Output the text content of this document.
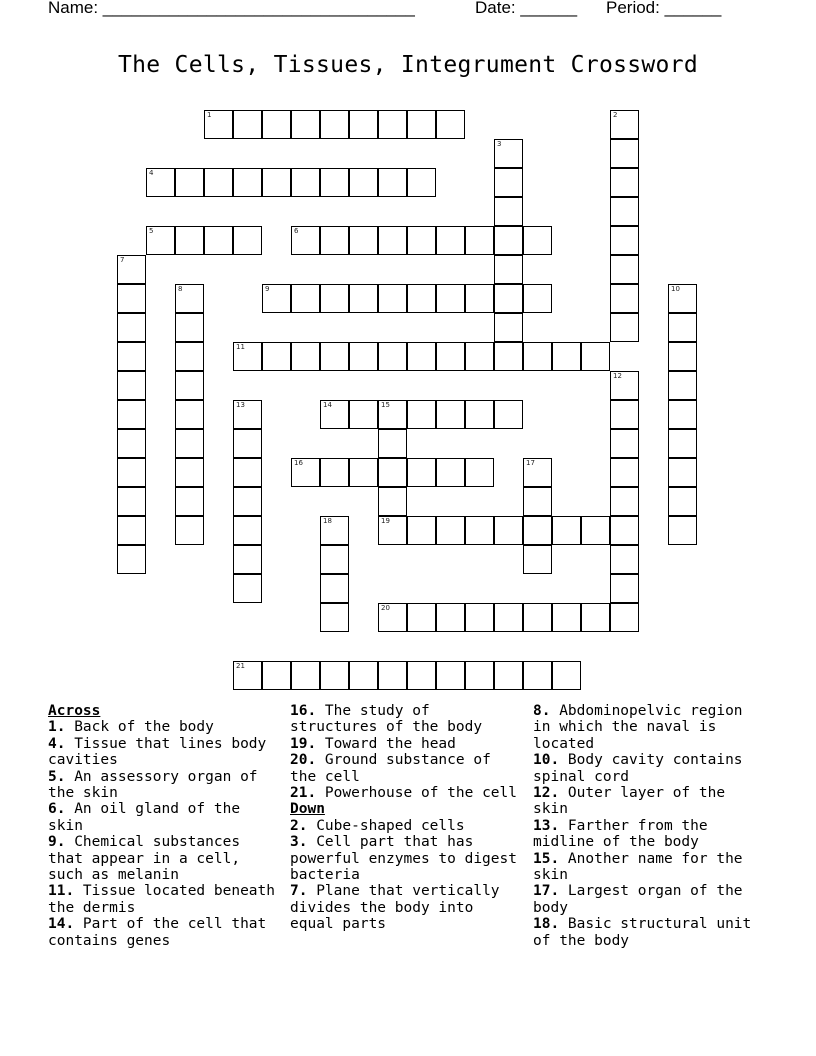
Name: _________________________________	Date: ______ Period: ______
The Cells, Tissues, Integrument Crossword
1	2
3
4
5	6
7
8	9	10
11
12
13	14	15
19
16	17
18
20
21
Across
1. Back of the body
4. Tissue that lines body cavities
5. An assessory organ of the skin
6. An oil gland of the skin
9. Chemical substances that appear in a cell, such as melanin
11. Tissue located beneath the dermis
14. Part of the cell that contains genes
16. The study of structures of the body
19. Toward the head
20. Ground substance of the cell
21. Powerhouse of the cell
Down
2. Cube-shaped cells
3. Cell part that has powerful enzymes to digest bacteria
7. Plane that vertically divides the body into equal parts
8. Abdominopelvic region in which the naval is located
10. Body cavity contains spinal cord
12. Outer layer of the skin
13. Farther from the midline of the body
15. Another name for the skin
17. Largest organ of the body
18. Basic structural unit of the body
